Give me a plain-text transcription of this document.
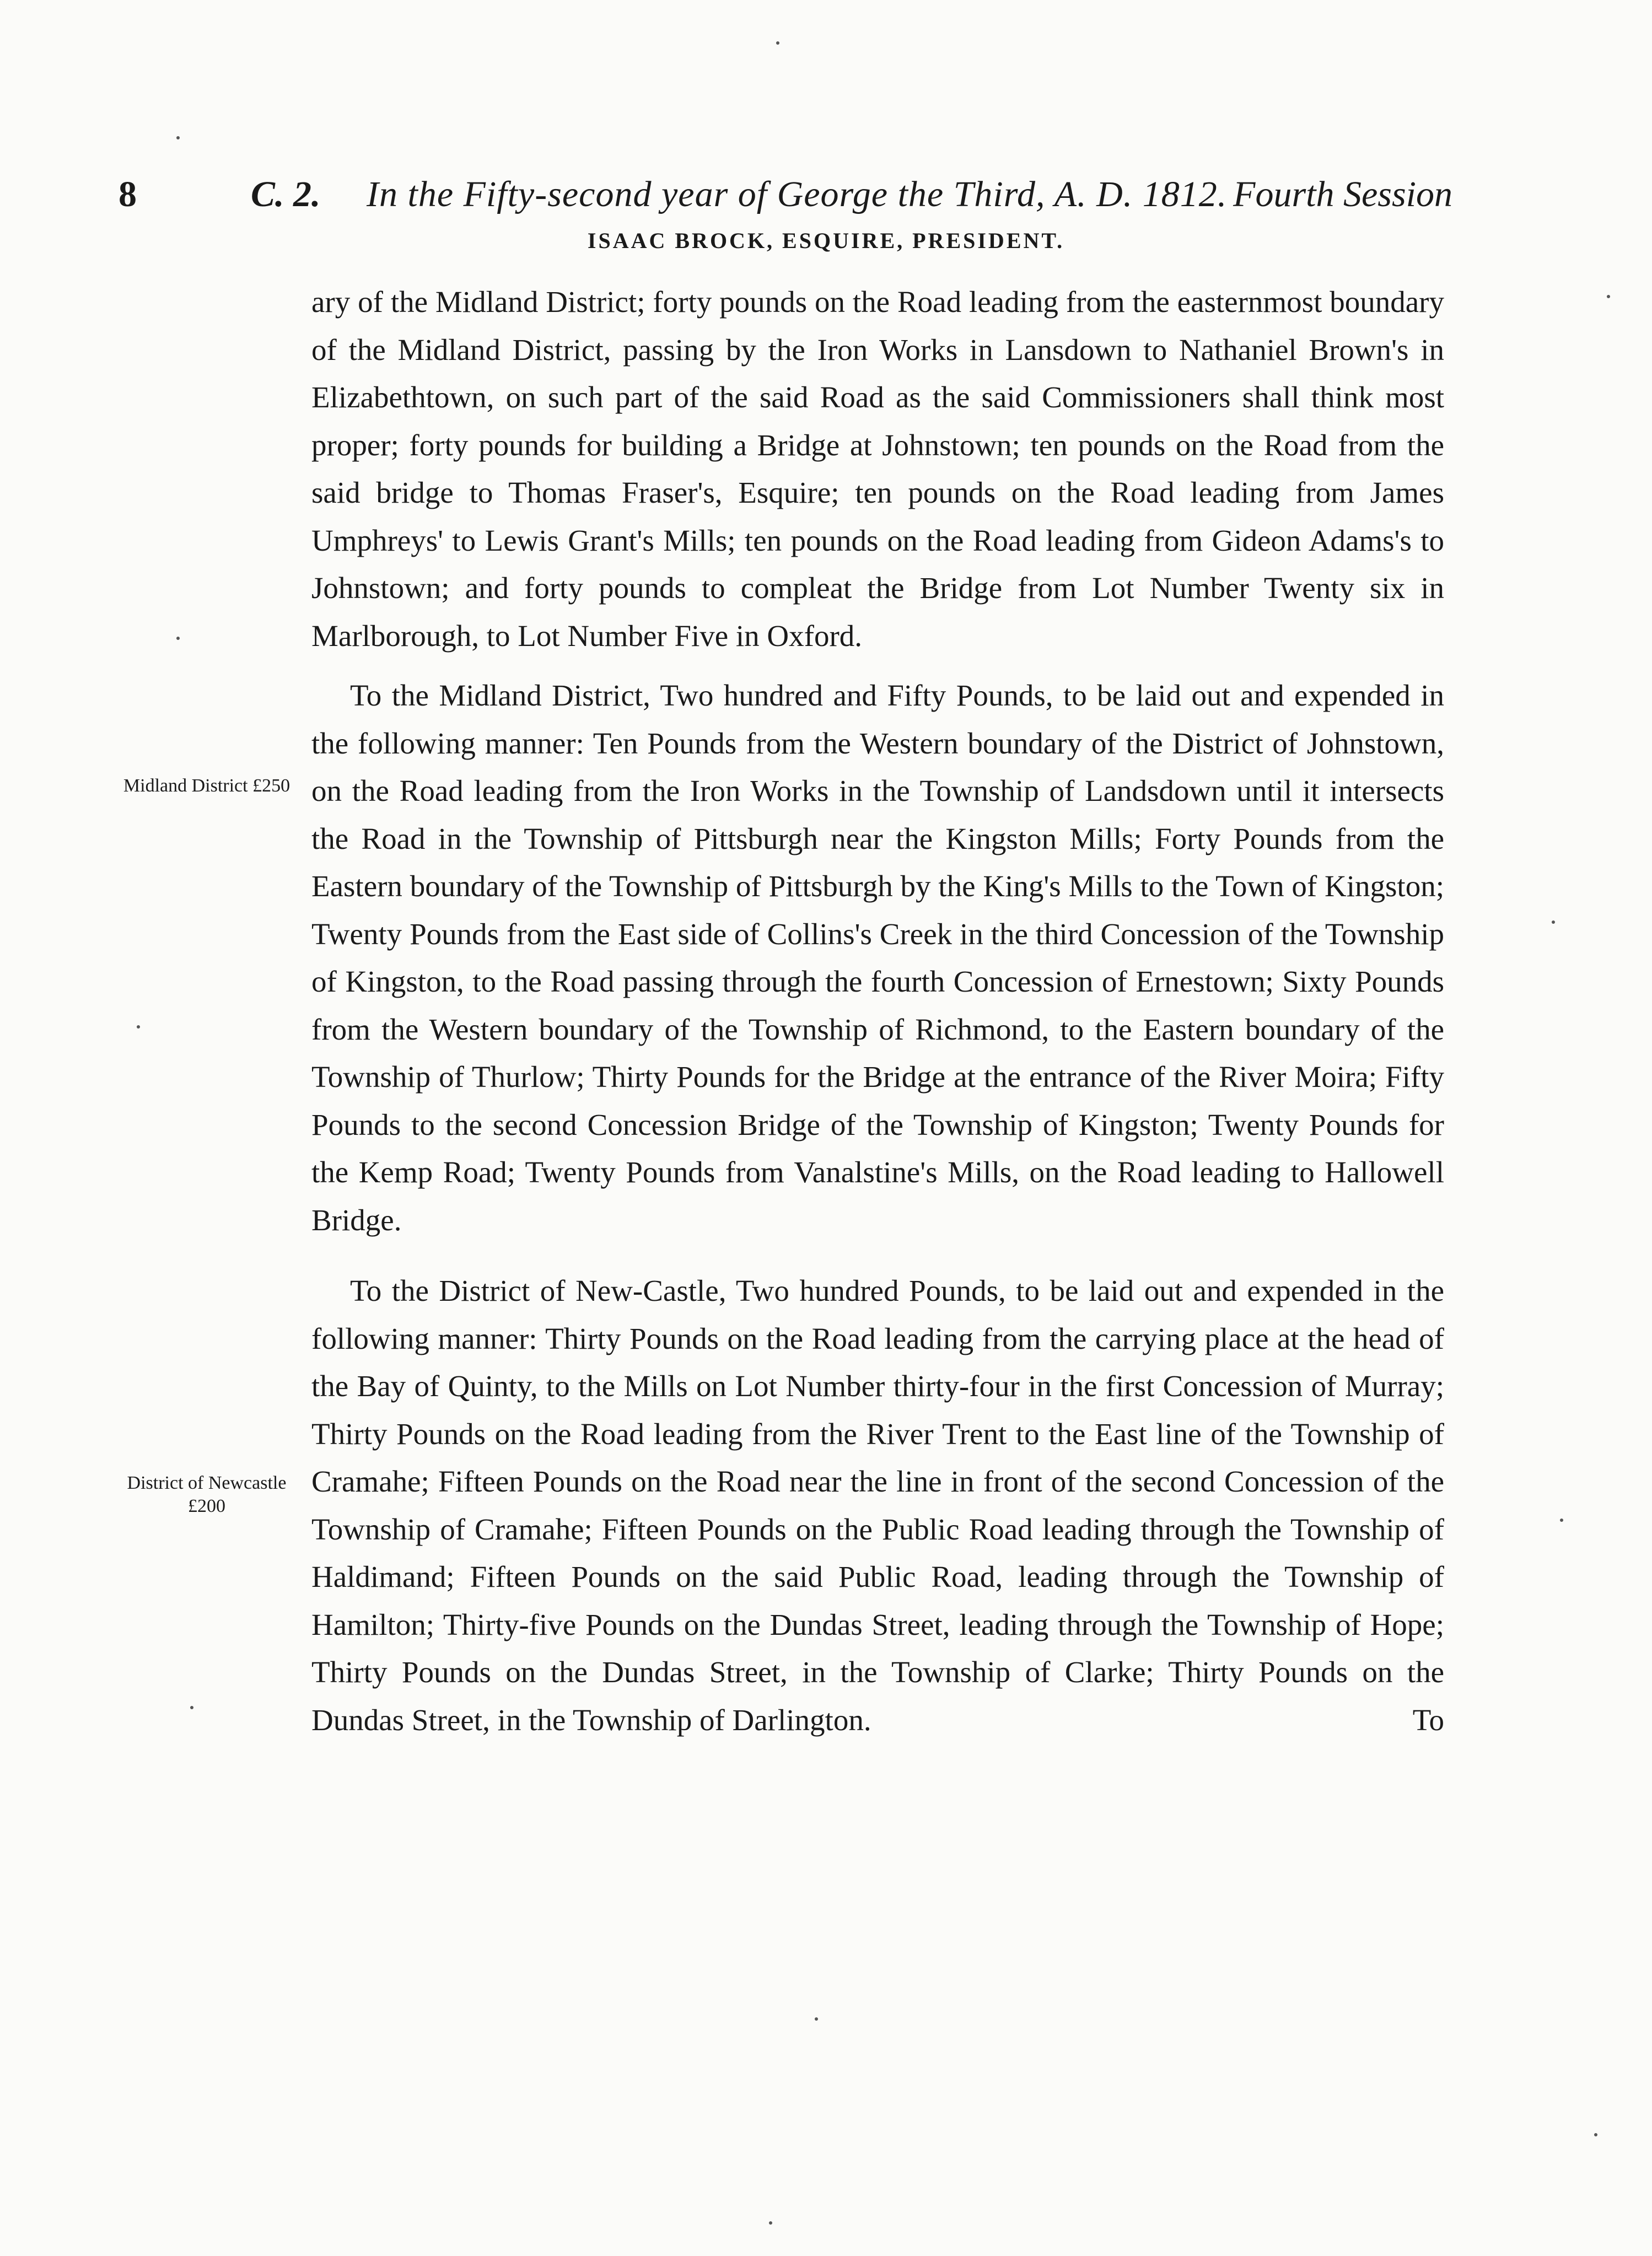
8	C. 2. In the Fifty-second year of George the Third, A. D. 1812. Fourth Session
ISAAC BROCK, ESQUIRE, PRESIDENT.
Midland District £250
District of Newcastle £200

ary of the Midland District; forty pounds on the Road leading from the easternmost boundary of the Midland District, passing by the Iron Works in Lansdown to Nathaniel Brown's in Elizabethtown, on such part of the said Road as the said Commissioners shall think most proper; forty pounds for building a Bridge at Johnstown; ten pounds on the Road from the said bridge to Thomas Fraser's, Esquire; ten pounds on the Road leading from James Umphreys' to Lewis Grant's Mills; ten pounds on the Road leading from Gideon Adams's to Johnstown; and forty pounds to compleat the Bridge from Lot Number Twenty six in Marlborough, to Lot Number Five in Oxford.

To the Midland District, Two hundred and Fifty Pounds, to be laid out and expended in the following manner: Ten Pounds from the Western boundary of the District of Johnstown, on the Road leading from the Iron Works in the Township of Landsdown until it intersects the Road in the Township of Pittsburgh near the Kingston Mills; Forty Pounds from the Eastern boundary of the Township of Pittsburgh by the King's Mills to the Town of Kingston; Twenty Pounds from the East side of Collins's Creek in the third Concession of the Township of Kingston, to the Road passing through the fourth Concession of Ernestown; Sixty Pounds from the Western boundary of the Township of Richmond, to the Eastern boundary of the Township of Thurlow; Thirty Pounds for the Bridge at the entrance of the River Moira; Fifty Pounds to the second Concession Bridge of the Township of Kingston; Twenty Pounds for the Kemp Road; Twenty Pounds from Vanalstine's Mills, on the Road leading to Hallowell Bridge.

To the District of New-Castle, Two hundred Pounds, to be laid out and expended in the following manner: Thirty Pounds on the Road leading from the carrying place at the head of the Bay of Quinty, to the Mills on Lot Number thirty-four in the first Concession of Murray; Thirty Pounds on the Road leading from the River Trent to the East line of the Township of Cramahe; Fifteen Pounds on the Road near the line in front of the second Concession of the Township of Cramahe; Fifteen Pounds on the Public Road leading through the Township of Haldimand; Fifteen Pounds on the said Public Road, leading through the Township of Hamilton; Thirty-five Pounds on the Dundas Street, leading through the Township of Hope; Thirty Pounds on the Dundas Street, in the Township of Clarke; Thirty Pounds on the Dundas Street, in the Township of Darlington.	To
